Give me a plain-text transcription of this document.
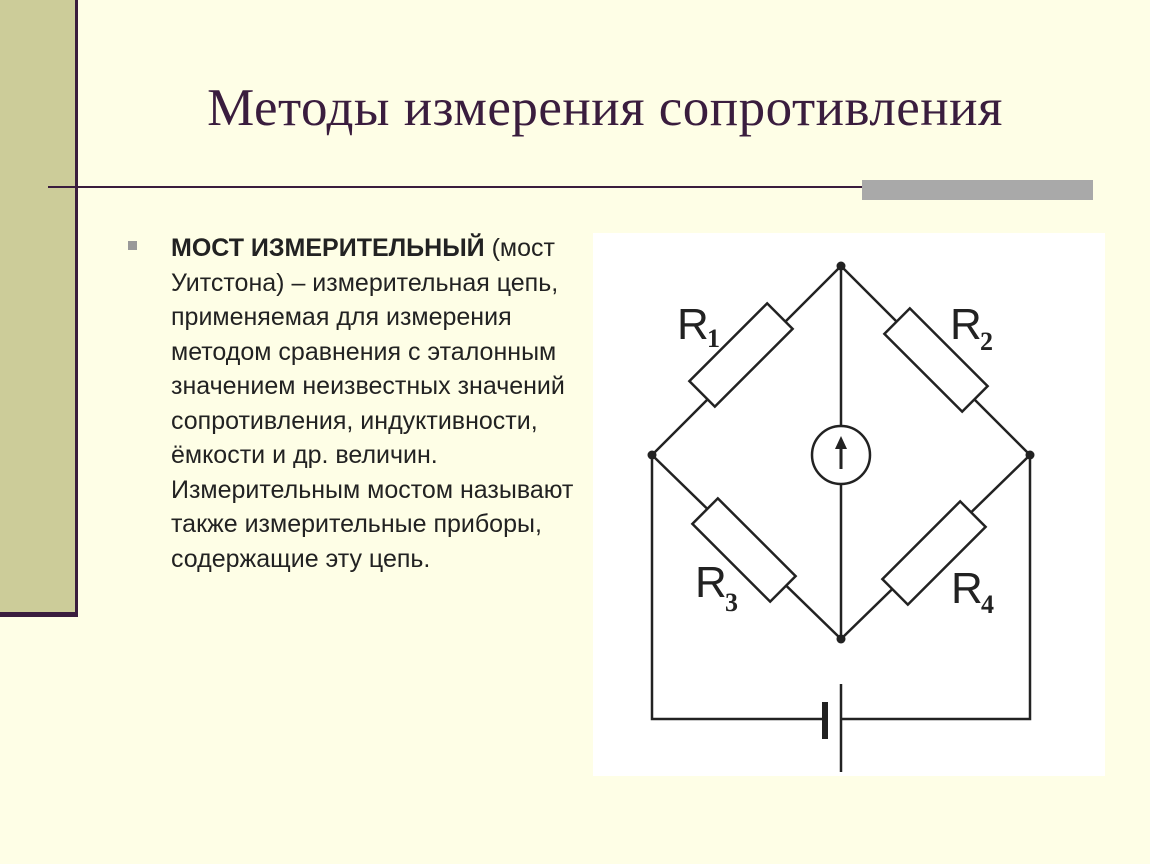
Методы измерения сопротивления
МОСТ ИЗМЕРИТЕЛЬНЫЙ (мост Уитстона) – измерительная цепь, применяемая для измерения методом сравнения с эталонным значением неизвестных значений сопротивления, индуктивности, ёмкости и др. величин. Измерительным мостом называют также измерительные приборы, содержащие эту цепь.
R
1	R
2
R
3	R
4
